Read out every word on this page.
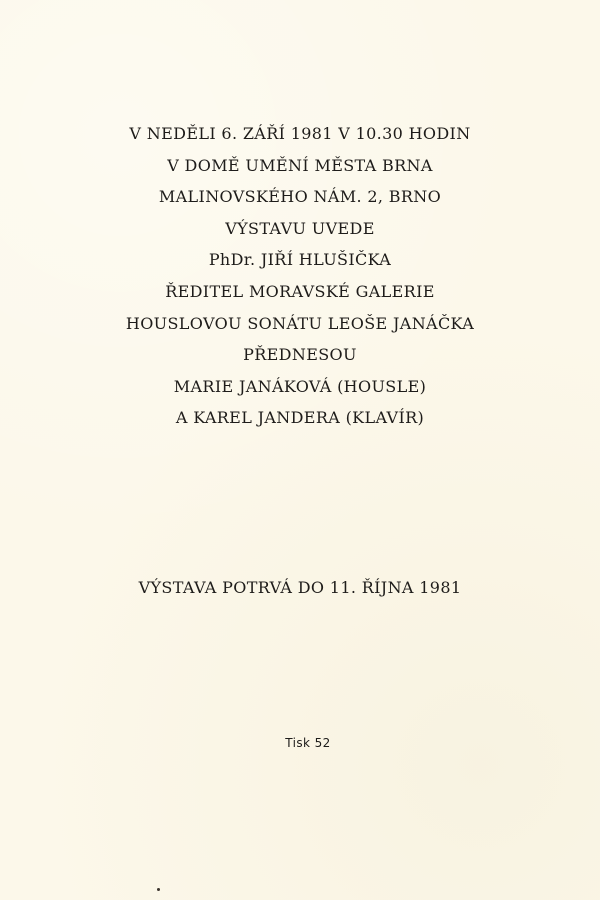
V NEDĚLI 6. ZÁŘÍ 1981 V 10.30 HODIN
V DOMĚ UMĚNÍ MĚSTA BRNA
MALINOVSKÉHO NÁM. 2, BRNO
VÝSTAVU UVEDE
PhDr. JIŘÍ HLUŠIČKA
ŘEDITEL MORAVSKÉ GALERIE
HOUSLOVOU SONÁTU LEOŠE JANÁČKA
PŘEDNESOU
MARIE JANÁKOVÁ (HOUSLE)
A KAREL JANDERA (KLAVÍR)
VÝSTAVA POTRVÁ DO 11. ŘÍJNA 1981
Tisk 52
